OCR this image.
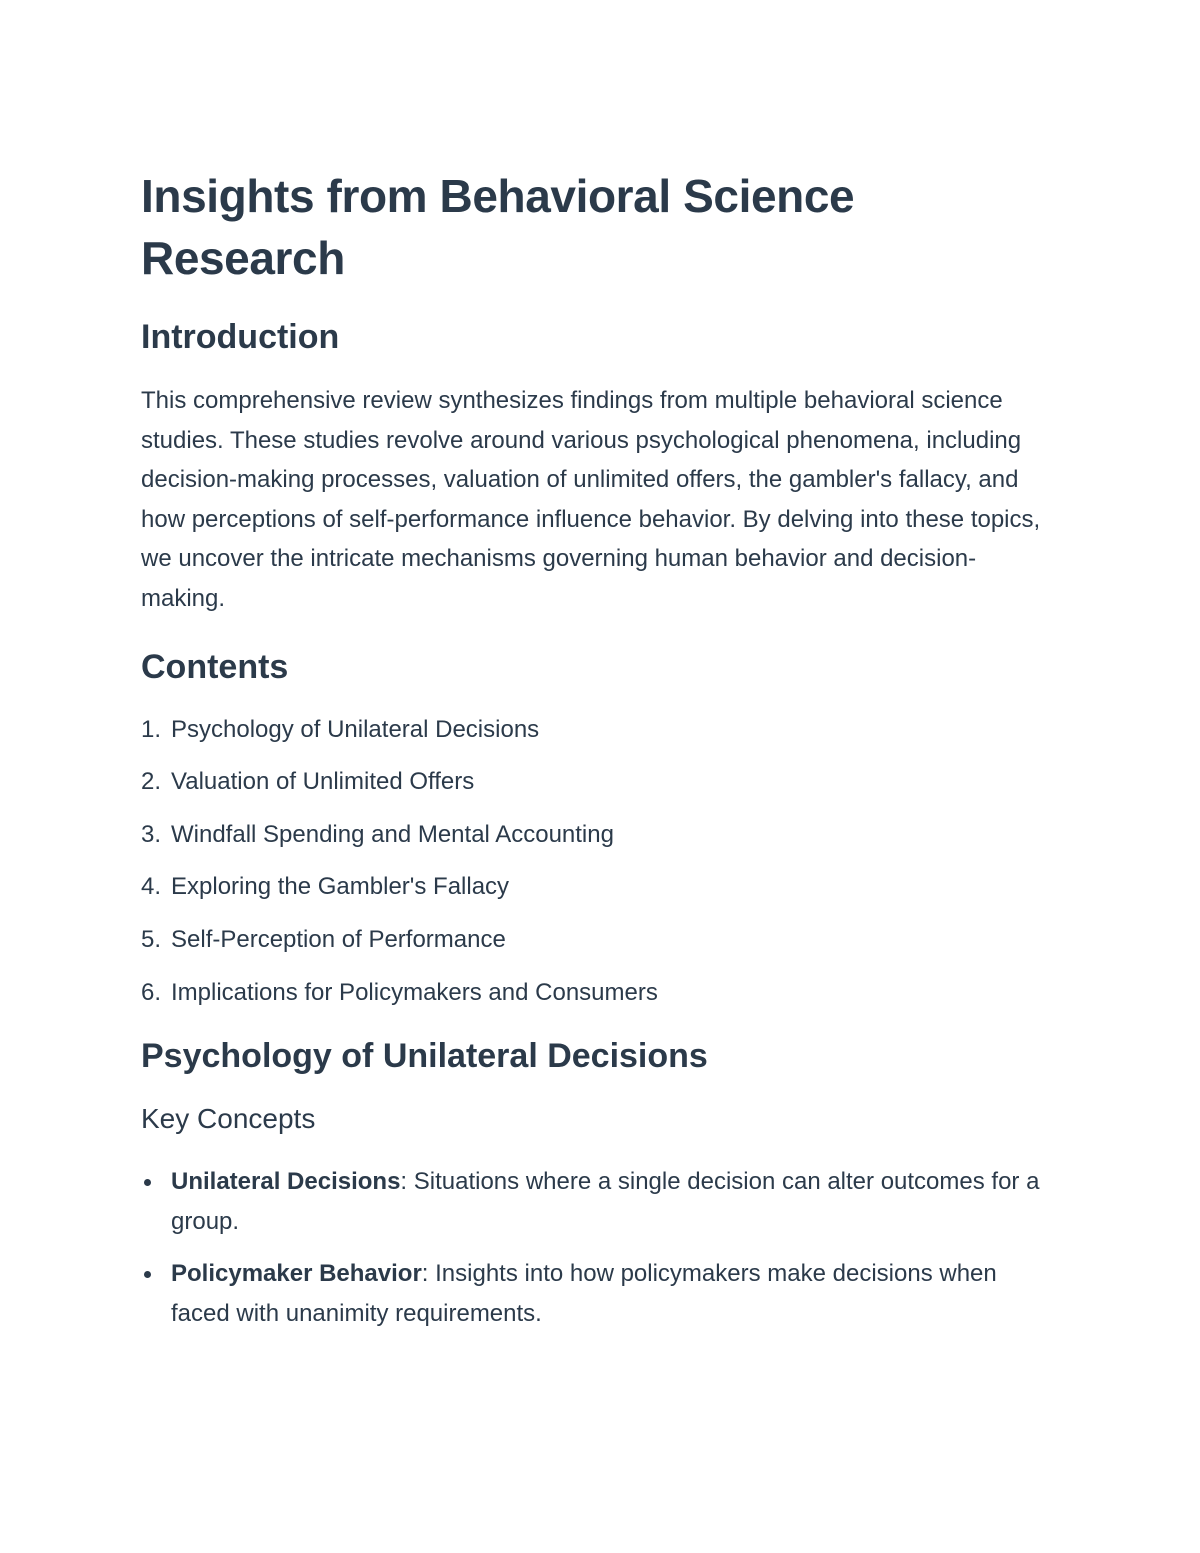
Insights from Behavioral Science Research
Introduction

This comprehensive review synthesizes findings from multiple behavioral science studies. These studies revolve around various psychological phenomena, including decision-making processes, valuation of unlimited offers, the gambler's fallacy, and how perceptions of self-performance influence behavior. By delving into these topics, we uncover the intricate mechanisms governing human behavior and decision-making.

Contents
1. Psychology of Unilateral Decisions
2. Valuation of Unlimited Offers
3. Windfall Spending and Mental Accounting
4. Exploring the Gambler's Fallacy
5. Self-Perception of Performance
6. Implications for Policymakers and Consumers
Psychology of Unilateral Decisions
Key Concepts
Unilateral Decisions: Situations where a single decision can alter outcomes for a group.
Policymaker Behavior: Insights into how policymakers make decisions when faced with unanimity requirements.
